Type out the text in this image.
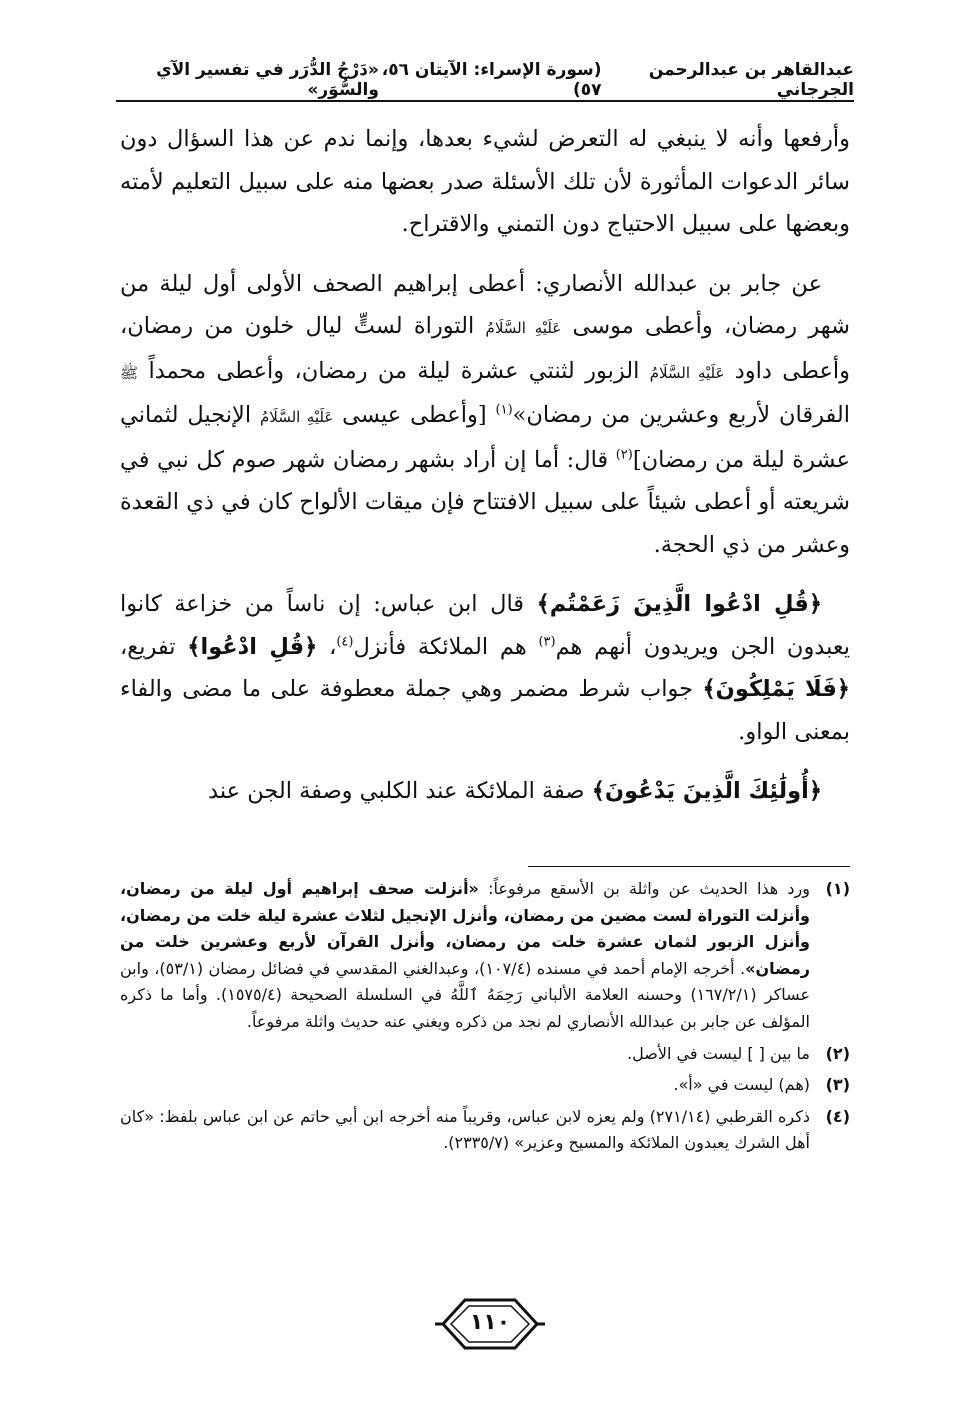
عبدالقاهر بن عبدالرحمن الجرجاني
(سورة الإسراء: الآيتان ٥٦، ٥٧)
«دَرْجُ الدُّرَر في تفسير الآي والسُّوَر»

وأرفعها وأنه لا ينبغي له التعرض لشيء بعدها، وإنما ندم عن هذا السؤال دون سائر الدعوات المأثورة لأن تلك الأسئلة صدر بعضها منه على سبيل التعليم لأمته وبعضها على سبيل الاحتياج دون التمني والاقتراح.

عن جابر بن عبدالله الأنصاري: أعطى إبراهيم الصحف الأولى أول ليلة من شهر رمضان، وأعطى موسى عَلَيْهِ السَّلَامُ التوراة لستٍّ ليال خلون من رمضان، وأعطى داود عَلَيْهِ السَّلَامُ الزبور لثنتي عشرة ليلة من رمضان، وأعطى محمداً ﷺ الفرقان لأربع وعشرين من رمضان»$^{(١)}$ [وأعطى عيسى عَلَيْهِ السَّلَامُ الإنجيل لثماني عشرة ليلة من رمضان]$^{(٢)}$ قال: أما إن أراد بشهر رمضان شهر صوم كل نبي في شريعته أو أعطى شيئاً على سبيل الافتتاح فإن ميقات الألواح كان في ذي القعدة وعشر من ذي الحجة.

﴿قُلِ ادْعُوا الَّذِينَ زَعَمْتُم﴾ قال ابن عباس: إن ناساً من خزاعة كانوا يعبدون الجن ويريدون أنهم هم$^{(٣)}$ هم الملائكة فأنزل$^{(٤)}$، ﴿قُلِ ادْعُوا﴾ تفريع، ﴿فَلَا يَمْلِكُونَ﴾ جواب شرط مضمر وهي جملة معطوفة على ما مضى والفاء بمعنى الواو.

﴿أُولَٰئِكَ الَّذِينَ يَدْعُونَ﴾ صفة الملائكة عند الكلبي وصفة الجن عند

(١)
ورد هذا الحديث عن واثلة بن الأسقع مرفوعاً: «أنزلت صحف إبراهيم أول ليلة من رمضان، وأنزلت التوراة لست مضين من رمضان، وأنزل الإنجيل لثلاث عشرة ليلة خلت من رمضان، وأنزل الزبور لثمان عشرة خلت من رمضان، وأنزل القرآن لأربع وعشرين خلت من رمضان». أخرجه الإمام أحمد في مسنده (١٠٧/٤)، وعبدالغني المقدسي في فضائل رمضان (٥٣/١)، وابن عساكر (١٦٧/٢/١) وحسنه العلامة الألباني رَحِمَهُ ٱللَّهُ في السلسلة الصحيحة (١٥٧٥/٤). وأما ما ذكره المؤلف عن جابر بن عبدالله الأنصاري لم نجد من ذكره ويغني عنه حديث واثلة مرفوعاً.
(٢)
ما بين [ ] ليست في الأصل.
(٣)
(هم) ليست في «أ».
(٤)
ذكره القرطبي (٢٧١/١٤) ولم يعزه لابن عباس، وقريباً منه أخرجه ابن أبي حاتم عن ابن عباس بلفظ: «كان أهل الشرك يعبدون الملائكة والمسيح وعزير» (٢٣٣٥/٧).
١١٠
